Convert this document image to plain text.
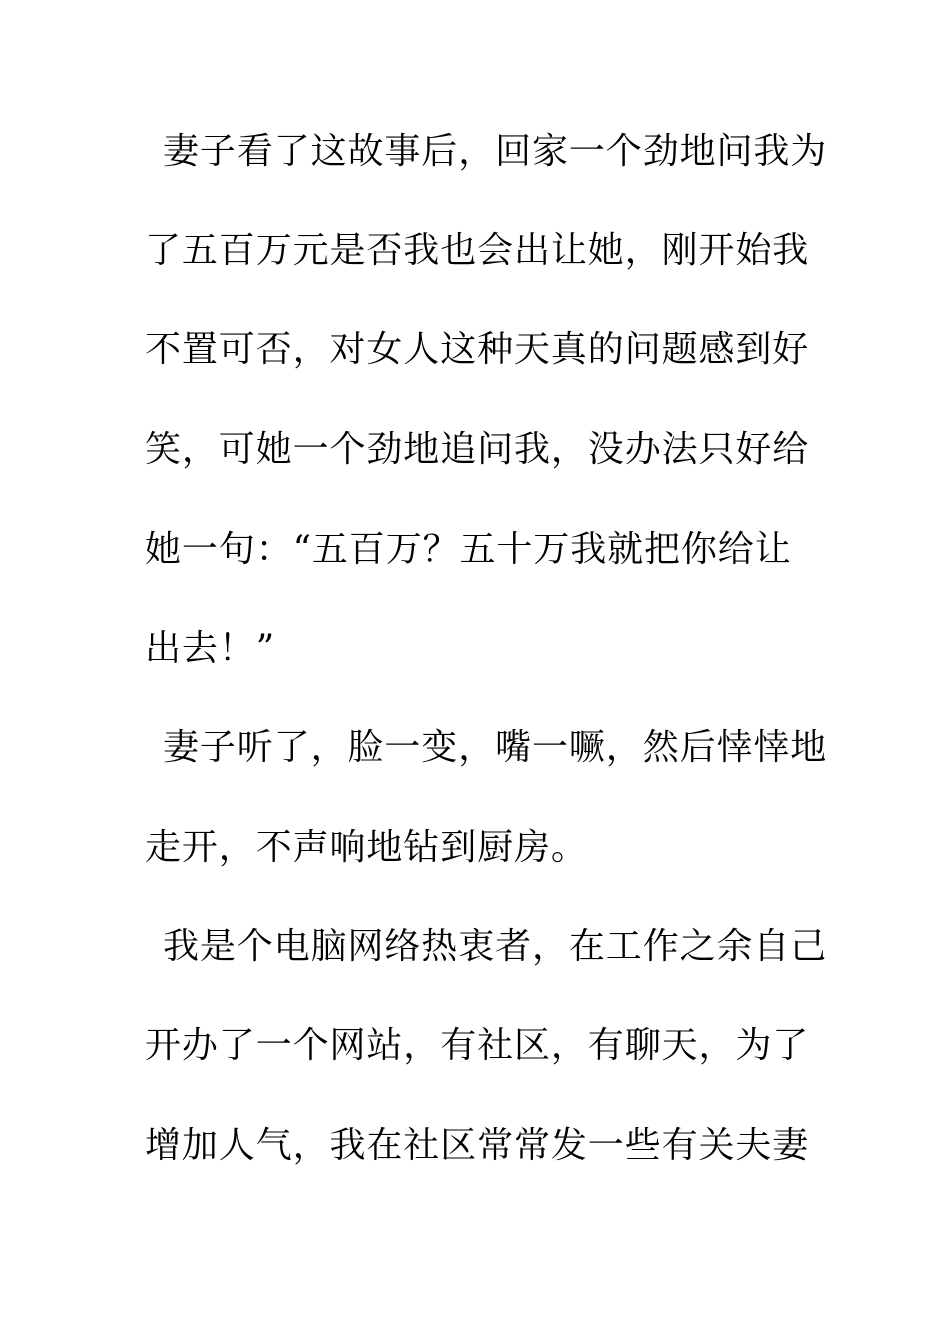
妻子看了这故事后，回家一个劲地问我为
了五百万元是否我也会出让她，刚开始我
不置可否，对女人这种天真的问题感到好
笑，可她一个劲地追问我，没办法只好给
她一句：“五百万？五十万我就把你给让
出去！”
妻子听了，脸一变，嘴一噘，然后悻悻地
走开，不声响地钻到厨房。
我是个电脑网络热衷者，在工作之余自己
开办了一个网站，有社区，有聊天，为了
增加人气，我在社区常常发一些有关夫妻
